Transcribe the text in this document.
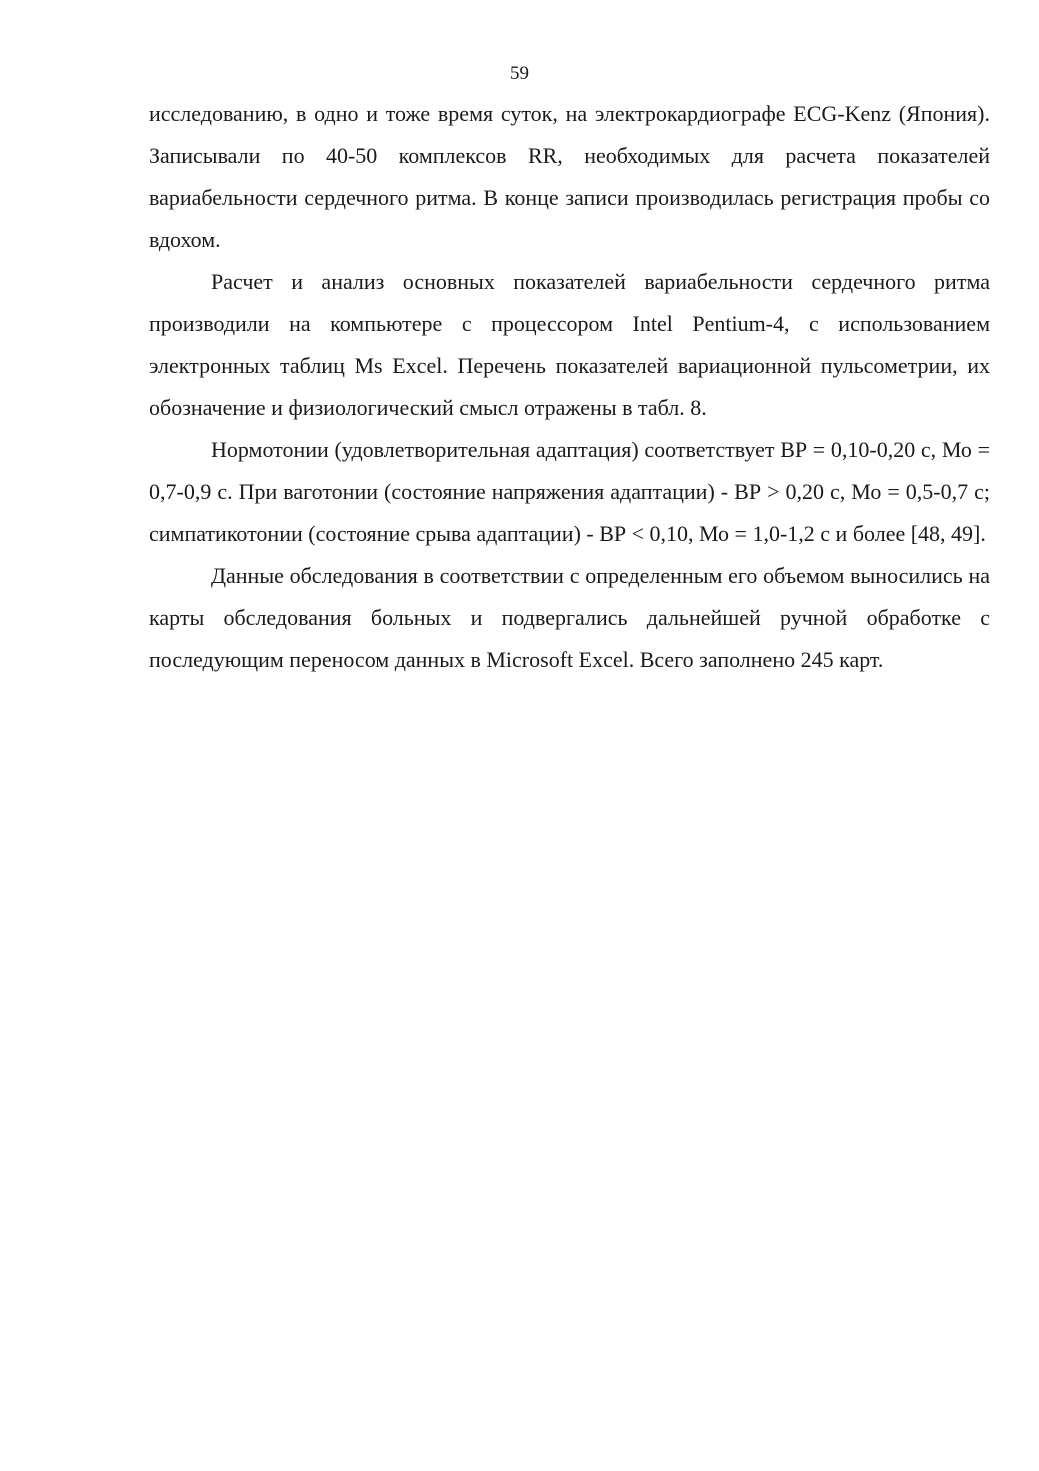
59

исследованию, в одно и тоже время суток, на электрокардиографе ECG-Kenz (Япония). Записывали по 40-50 комплексов RR, необходимых для расчета показателей вариабельности сердечного ритма. В конце записи производилась регистрация пробы со вдохом.

Расчет и анализ основных показателей вариабельности сердечного ритма производили на компьютере с процессором Intel Pentium-4, с использованием электронных таблиц Ms Excel. Перечень показателей вариационной пульсометрии, их обозначение и физиологический смысл отражены в табл. 8.

Нормотонии (удовлетворительная адаптация) соответствует ВР = 0,10-0,20 с, Мо = 0,7-0,9 с. При ваготонии (состояние напряжения адаптации) - ВР > 0,20 с, Мо = 0,5-0,7 с; симпатикотонии (состояние срыва адаптации) - ВР < 0,10, Мо = 1,0-1,2 с и более [48, 49].

Данные обследования в соответствии с определенным его объемом выносились на карты обследования больных и подвергались дальнейшей ручной обработке с последующим переносом данных в Microsoft Excel. Всего заполнено 245 карт.
